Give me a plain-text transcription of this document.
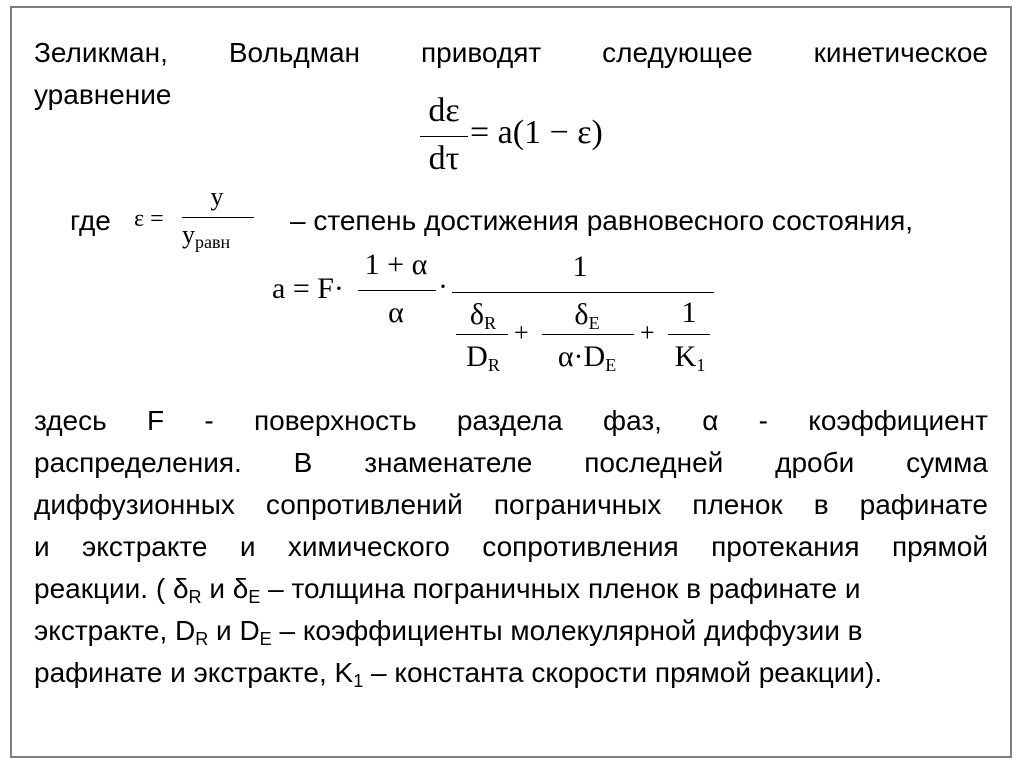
Зеликман, Вольдман приводят следующее кинетическое
уравнение	dε
dτ
= a(1 − ε)
где ε =
y
$y_{равн}$
– степень достижения равновесного состояния,
a = F·
1 + α
α
·
1
$\delta_R$
$D_R$
+
$\delta_E$
$\alpha\cdot D_E$
+
1
$K_1$
здесь F - поверхность раздела фаз, α - коэффициент
распределения. В знаменателе последней дроби сумма
диффузионных сопротивлений пограничных пленок в рафинате
и экстракте и химического сопротивления протекания прямой
реакции. ( $\delta_R$ и $\delta_E$ – толщина пограничных пленок в рафинате и
экстракте, $D_R$ и $D_E$ – коэффициенты молекулярной диффузии в
рафинате и экстракте, $K_1$ – константа скорости прямой реакции).
